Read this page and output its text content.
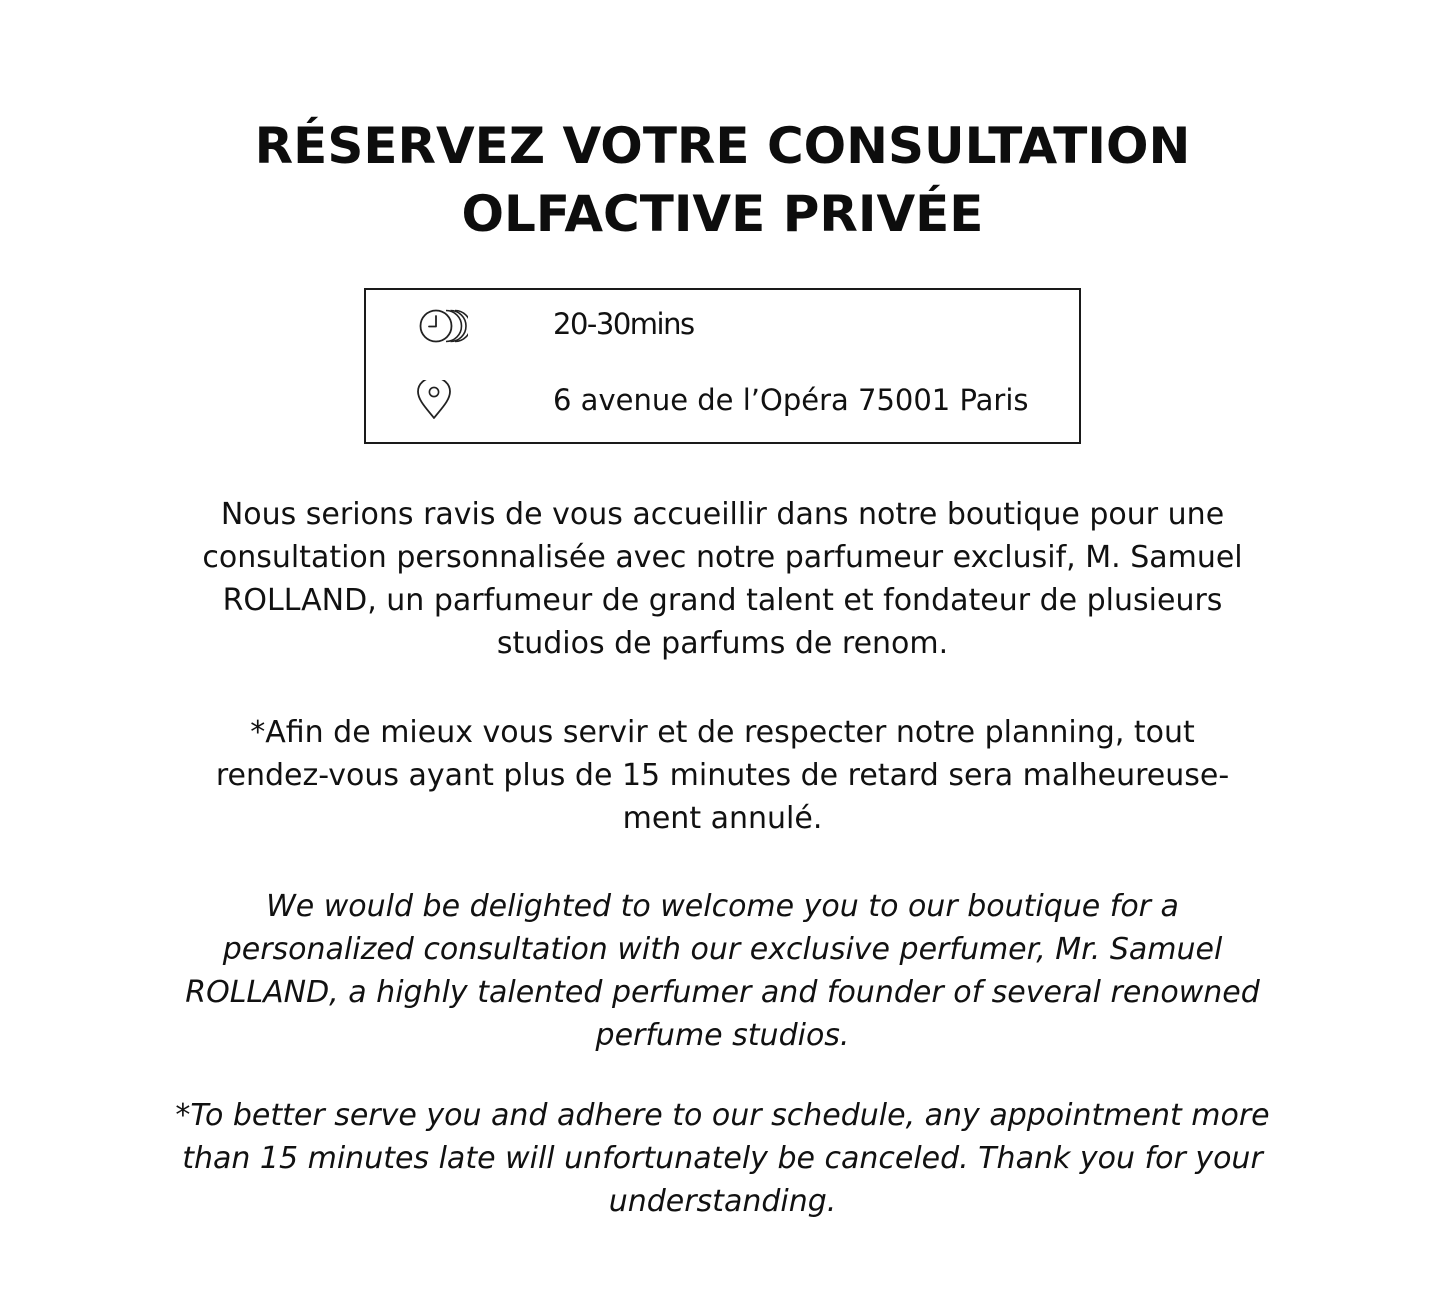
RÉSERVEZ VOTRE CONSULTATION
OLFACTIVE PRIVÉE
20-30mins
6 avenue de l’Opéra 75001 Paris

Nous serions ravis de vous accueillir dans notre boutique pour une
consultation personnalisée avec notre parfumeur exclusif, M. Samuel
ROLLAND, un parfumeur de grand talent et fondateur de plusieurs
studios de parfums de renom.

*Afin de mieux vous servir et de respecter notre planning, tout
rendez-vous ayant plus de 15 minutes de retard sera malheureuse-
ment annulé.

We would be delighted to welcome you to our boutique for a
personalized consultation with our exclusive perfumer, Mr. Samuel
ROLLAND, a highly talented perfumer and founder of several renowned
perfume studios.

*To better serve you and adhere to our schedule, any appointment more
than 15 minutes late will unfortunately be canceled. Thank you for your
understanding.
